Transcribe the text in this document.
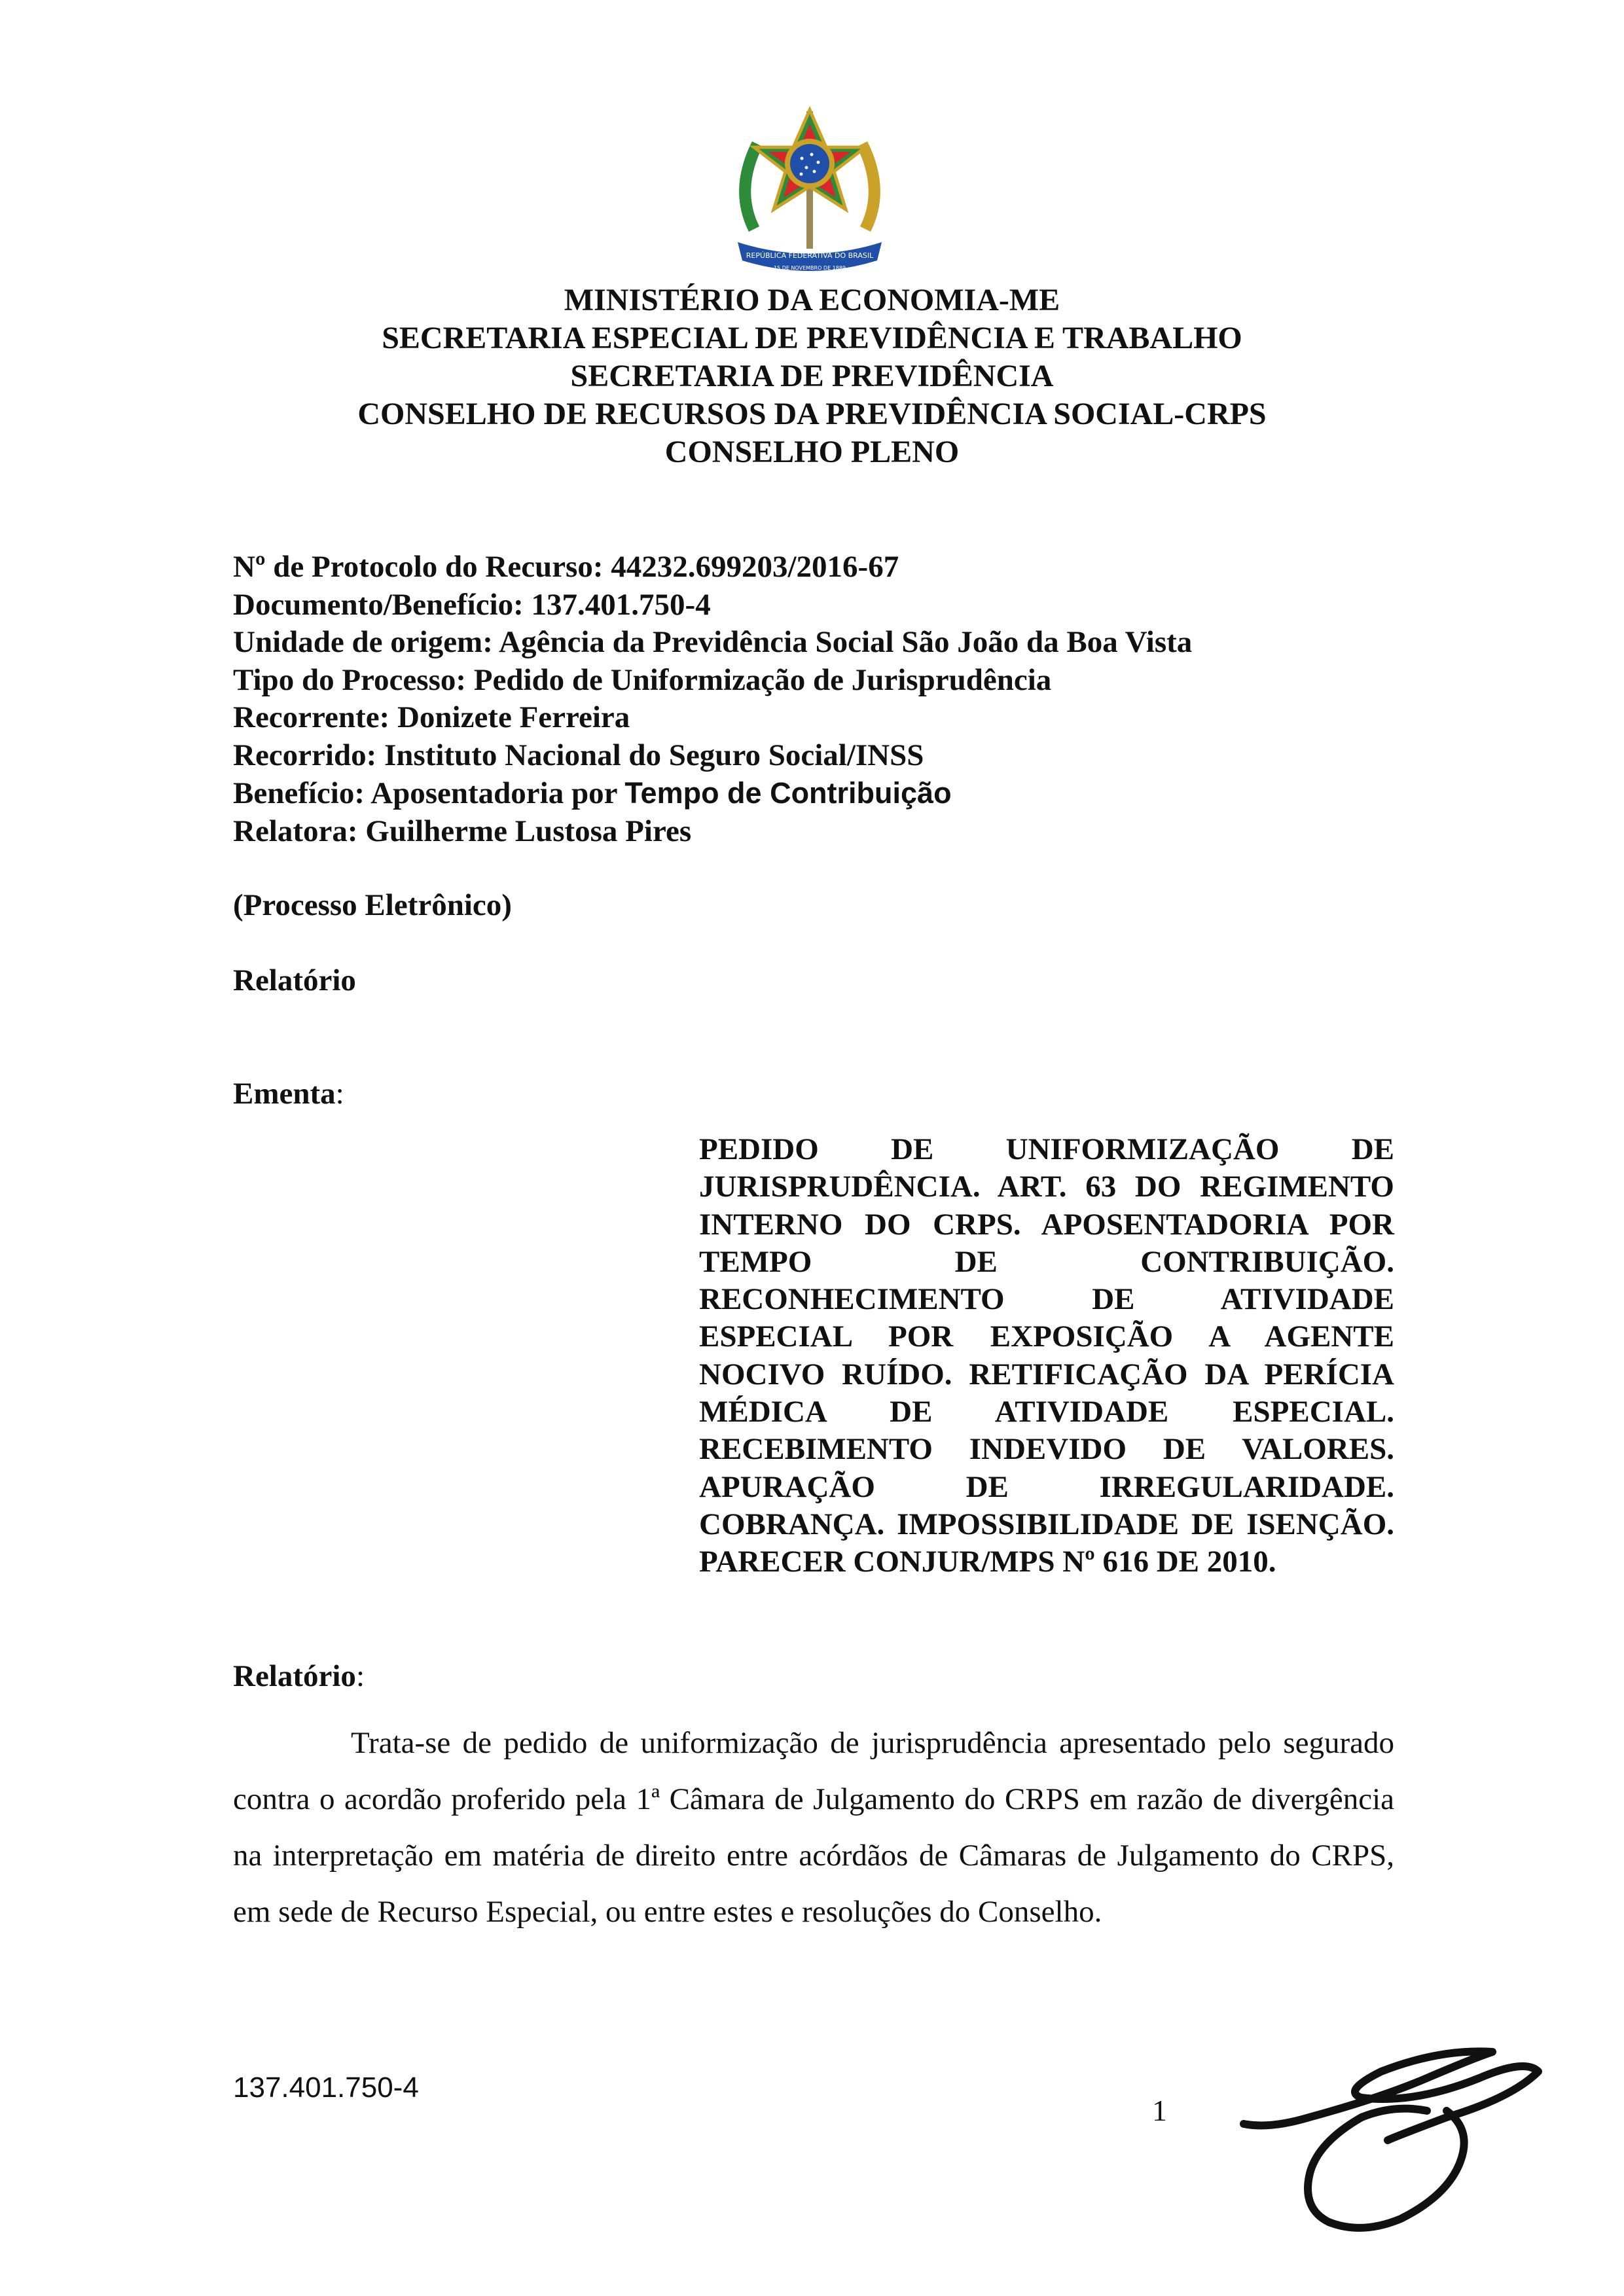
REPÚBLICA FEDERATIVA DO BRASIL
15 DE NOVEMBRO DE 1889
MINISTÉRIO DA ECONOMIA-ME
SECRETARIA ESPECIAL DE PREVIDÊNCIA E TRABALHO
SECRETARIA DE PREVIDÊNCIA
CONSELHO DE RECURSOS DA PREVIDÊNCIA SOCIAL-CRPS
CONSELHO PLENO
Nº de Protocolo do Recurso: 44232.699203/2016-67
Documento/Benefício: 137.401.750-4
Unidade de origem: Agência da Previdência Social São João da Boa Vista
Tipo do Processo: Pedido de Uniformização de Jurisprudência
Recorrente: Donizete Ferreira
Recorrido: Instituto Nacional do Seguro Social/INSS
Benefício: Aposentadoria por Tempo de Contribuição
Relatora: Guilherme Lustosa Pires
(Processo Eletrônico)
Relatório
Ementa:
PEDIDO DE UNIFORMIZAÇÃO DE JURISPRUDÊNCIA. ART. 63 DO REGIMENTO INTERNO DO CRPS. APOSENTADORIA POR TEMPO DE CONTRIBUIÇÃO. RECONHECIMENTO DE ATIVIDADE ESPECIAL POR EXPOSIÇÃO A AGENTE NOCIVO RUÍDO. RETIFICAÇÃO DA PERÍCIA MÉDICA DE ATIVIDADE ESPECIAL. RECEBIMENTO INDEVIDO DE VALORES. APURAÇÃO DE IRREGULARIDADE. COBRANÇA. IMPOSSIBILIDADE DE ISENÇÃO. PARECER CONJUR/MPS Nº 616 DE 2010.
Relatório:
Trata-se de pedido de uniformização de jurisprudência apresentado pelo segurado contra o acordão proferido pela 1ª Câmara de Julgamento do CRPS em razão de divergência na interpretação em matéria de direito entre acórdãos de Câmaras de Julgamento do CRPS, em sede de Recurso Especial, ou entre estes e resoluções do Conselho.
137.401.750-4
1
